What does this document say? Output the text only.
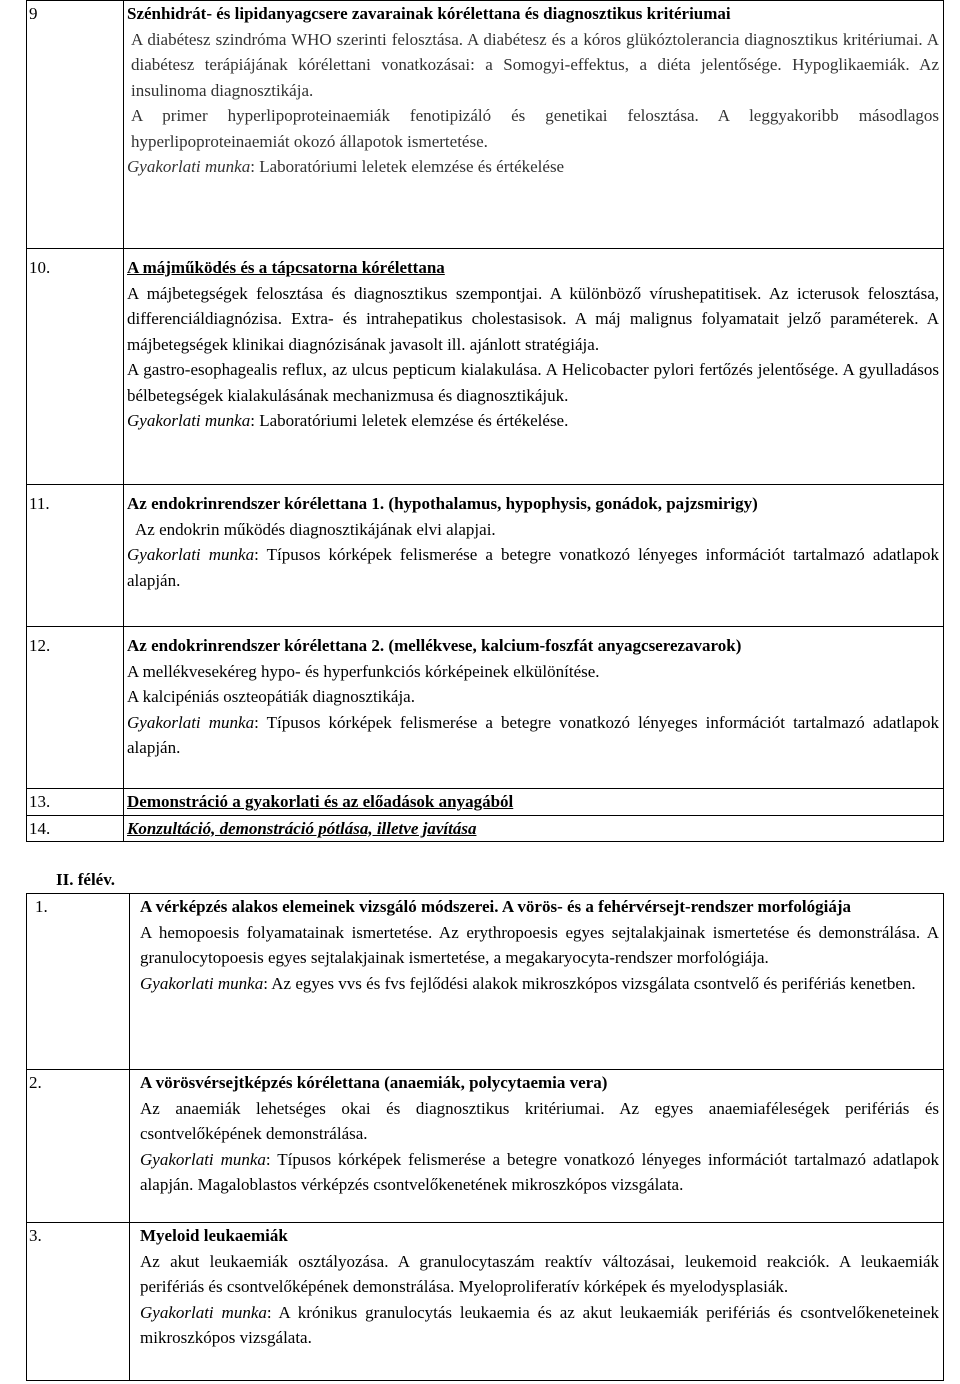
9	Szénhidrát- és lipidanyagcsere zavarainak kórélettana és diagnosztikus kritériumai

A diabétesz szindróma WHO szerinti felosztása. A diabétesz és a kóros glükóztolerancia diagnosztikus kritériumai. A diabétesz terápiájának kórélettani vonatkozásai: a Somogyi-effektus, a diéta jelentősége. Hypoglikaemiák. Az insulinoma diagnosztikája.

A primer hyperlipoproteinaemiák fenotipizáló és genetikai felosztása. A leggyakoribb másodlagos hyperlipoproteinaemiát okozó állapotok ismertetése.

Gyakorlati munka: Laboratóriumi leletek elemzése és értékelése

10.	A májműködés és a tápcsatorna kórélettana

A májbetegségek felosztása és diagnosztikus szempontjai. A különböző vírushepatitisek. Az icterusok felosztása, differenciáldiagnózisa. Extra- és intrahepatikus cholestasisok. A máj malignus folyamatait jelző paraméterek. A májbetegségek klinikai diagnózisának javasolt ill. ajánlott stratégiája.

A gastro-esophagealis reflux, az ulcus pepticum kialakulása. A Helicobacter pylori fertőzés jelentősége. A gyulladásos bélbetegségek kialakulásának mechanizmusa és diagnosztikájuk.

Gyakorlati munka: Laboratóriumi leletek elemzése és értékelése.

11.	Az endokrinrendszer kórélettana 1. (hypothalamus, hypophysis, gonádok, pajzsmirigy)

Az endokrin működés diagnosztikájának elvi alapjai.

Gyakorlati munka: Típusos kórképek felismerése a betegre vonatkozó lényeges információt tartalmazó adatlapok alapján.

12.	Az endokrinrendszer kórélettana 2. (mellékvese, kalcium-foszfát anyagcserezavarok)

A mellékvesekéreg hypo- és hyperfunkciós kórképeinek elkülönítése.

A kalcipéniás oszteopátiák diagnosztikája.

Gyakorlati munka: Típusos kórképek felismerése a betegre vonatkozó lényeges információt tartalmazó adatlapok alapján.

13.	Demonstráció a gyakorlati és az előadások anyagából

14.	Konzultáció, demonstráció pótlása, illetve javítása
II. félév.
1.	A vérképzés alakos elemeinek vizsgáló módszerei. A vörös- és a fehérvérsejt-rendszer morfológiája

A hemopoesis folyamatainak ismertetése. Az erythropoesis egyes sejtalakjainak ismertetése és demonstrálása. A granulocytopoesis egyes sejtalakjainak ismertetése, a megakaryocyta-rendszer morfológiája.

Gyakorlati munka: Az egyes vvs és fvs fejlődési alakok mikroszkópos vizsgálata csontvelő és perifériás kenetben.

2.	A vörösvérsejtképzés kórélettana (anaemiák, polycytaemia vera)

Az anaemiák lehetséges okai és diagnosztikus kritériumai. Az egyes anaemiaféleségek perifériás és csontvelőképének demonstrálása.

Gyakorlati munka: Típusos kórképek felismerése a betegre vonatkozó lényeges információt tartalmazó adatlapok alapján. Magaloblastos vérképzés csontvelőkenetének mikroszkópos vizsgálata.

3.	Myeloid leukaemiák

Az akut leukaemiák osztályozása. A granulocytaszám reaktív változásai, leukemoid reakciók. A leukaemiák perifériás és csontvelőképének demonstrálása. Myeloproliferatív kórképek és myelodysplasiák.

Gyakorlati munka: A krónikus granulocytás leukaemia és az akut leukaemiák perifériás és csontvelőkeneteinek mikroszkópos vizsgálata.
